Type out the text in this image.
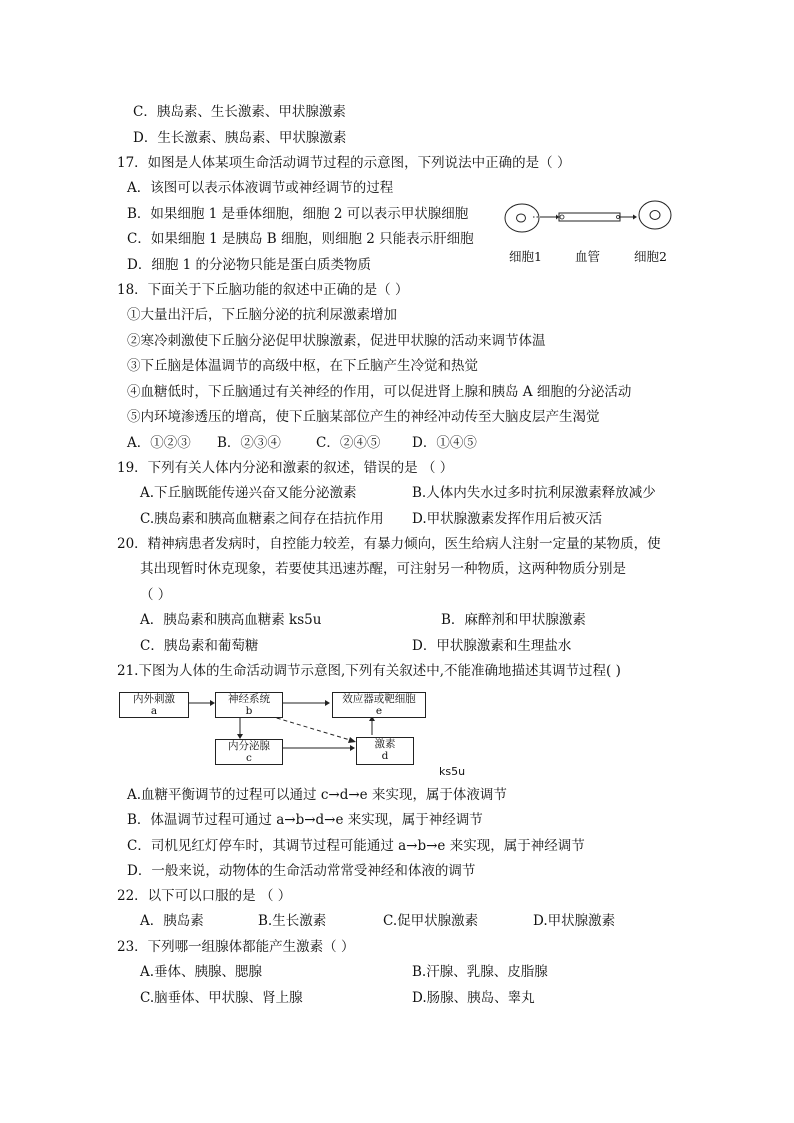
C．胰岛素、生长激素、甲状腺激素
D．生长激素、胰岛素、甲状腺激素
17．如图是人体某项生命活动调节过程的示意图，下列说法中正确的是（ ）
A．该图可以表示体液调节或神经调节的过程
B．如果细胞 1 是垂体细胞，细胞 2 可以表示甲状腺细胞
C．如果细胞 1 是胰岛 B 细胞，则细胞 2 只能表示肝细胞
D．细胞 1 的分泌物只能是蛋白质类物质
细胞1	血管	细胞2
18．下面关于下丘脑功能的叙述中正确的是（ ）
①大量出汗后，下丘脑分泌的抗利尿激素增加
②寒冷刺激使下丘脑分泌促甲状腺激素，促进甲状腺的活动来调节体温
③下丘脑是体温调节的高级中枢，在下丘脑产生冷觉和热觉
④血糖低时，下丘脑通过有关神经的作用，可以促进肾上腺和胰岛 A 细胞的分泌活动
⑤内环境渗透压的增高，使下丘脑某部位产生的神经冲动传至大脑皮层产生渴觉
A．①②③ B．②③④	C．②④⑤ D．①④⑤
19．下列有关人体内分泌和激素的叙述，错误的是 （ ）
A.下丘脑既能传递兴奋又能分泌激素	B.人体内失水过多时抗利尿激素释放减少
C.胰岛素和胰高血糖素之间存在拮抗作用 D.甲状腺激素发挥作用后被灭活
20．精神病患者发病时，自控能力较差，有暴力倾向，医生给病人注射一定量的某物质，使
其出现暂时休克现象，若要使其迅速苏醒，可注射另一种物质，这两种物质分别是
（ ）
A．胰岛素和胰高血糖素 ks5u	B．麻醉剂和甲状腺激素
C．胰岛素和葡萄糖	D．甲状腺激素和生理盐水
21.下图为人体的生命活动调节示意图,下列有关叙述中,不能准确地描述其调节过程( )
内外刺激
a
神经系统
b
效应器或靶细胞
e
内分泌腺
c
激素
d
ks5u
A.血糖平衡调节的过程可以通过 c→d→e 来实现，属于体液调节
B．体温调节过程可通过 a→b→d→e 来实现，属于神经调节
C．司机见红灯停车时，其调节过程可能通过 a→b→e 来实现，属于神经调节
D．一般来说，动物体的生命活动常常受神经和体液的调节
22．以下可以口服的是 （ ）
A．胰岛素	B.生长激素	C.促甲状腺激素	D.甲状腺激素
23．下列哪一组腺体都能产生激素（ ）
A.垂体、胰腺、腮腺	B.汗腺、乳腺、皮脂腺
C.脑垂体、甲状腺、肾上腺	D.肠腺、胰岛、睾丸
